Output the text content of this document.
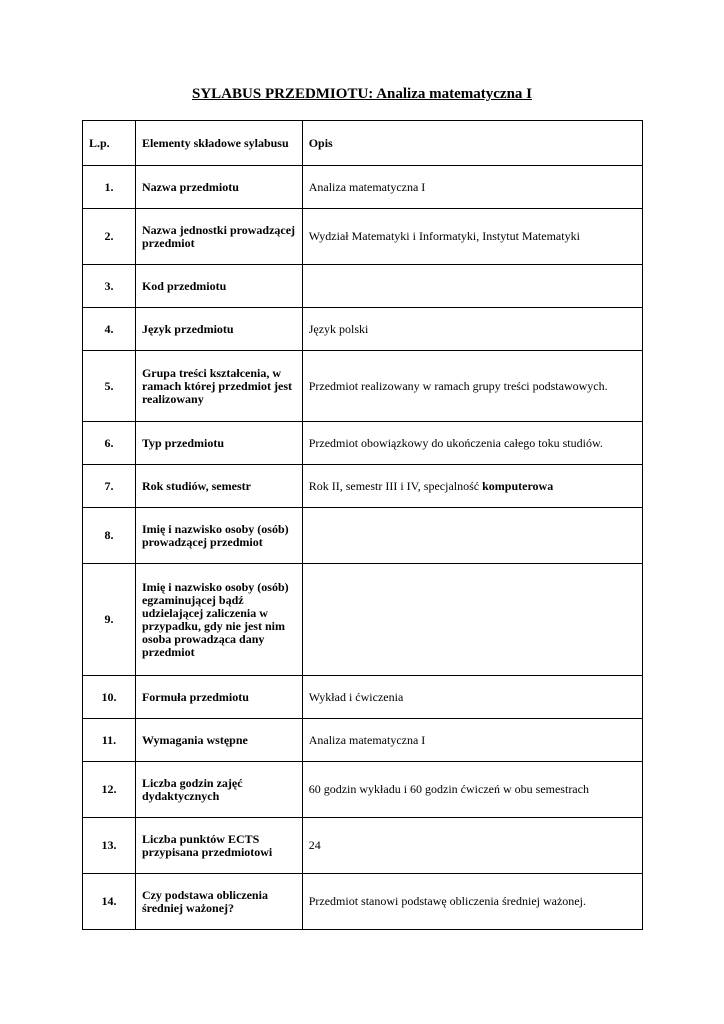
SYLABUS PRZEDMIOTU: Analiza matematyczna I
L.p.	Elementy składowe sylabusu	Opis
1.	Nazwa przedmiotu	Analiza matematyczna I
2.	Nazwa jednostki prowadzącej przedmiot	Wydział Matematyki i Informatyki, Instytut Matematyki
3.	Kod przedmiotu	
4.	Język przedmiotu	Język polski
5.	Grupa treści kształcenia, w ramach której przedmiot jest realizowany	Przedmiot realizowany w ramach grupy treści podstawowych.
6.	Typ przedmiotu	Przedmiot obowiązkowy do ukończenia całego toku studiów.
7.	Rok studiów, semestr	Rok II, semestr III i IV, specjalność komputerowa
8.	Imię i nazwisko osoby (osób) prowadzącej przedmiot	
9.	Imię i nazwisko osoby (osób) egzaminującej bądź udzielającej zaliczenia w przypadku, gdy nie jest nim osoba prowadząca dany przedmiot	
10.	Formuła przedmiotu	Wykład i ćwiczenia
11.	Wymagania wstępne	Analiza matematyczna I
12.	Liczba godzin zajęć dydaktycznych	60 godzin wykładu i 60 godzin ćwiczeń w obu semestrach
13.	Liczba punktów ECTS przypisana przedmiotowi	24
14.	Czy podstawa obliczenia średniej ważonej?	Przedmiot stanowi podstawę obliczenia średniej ważonej.
